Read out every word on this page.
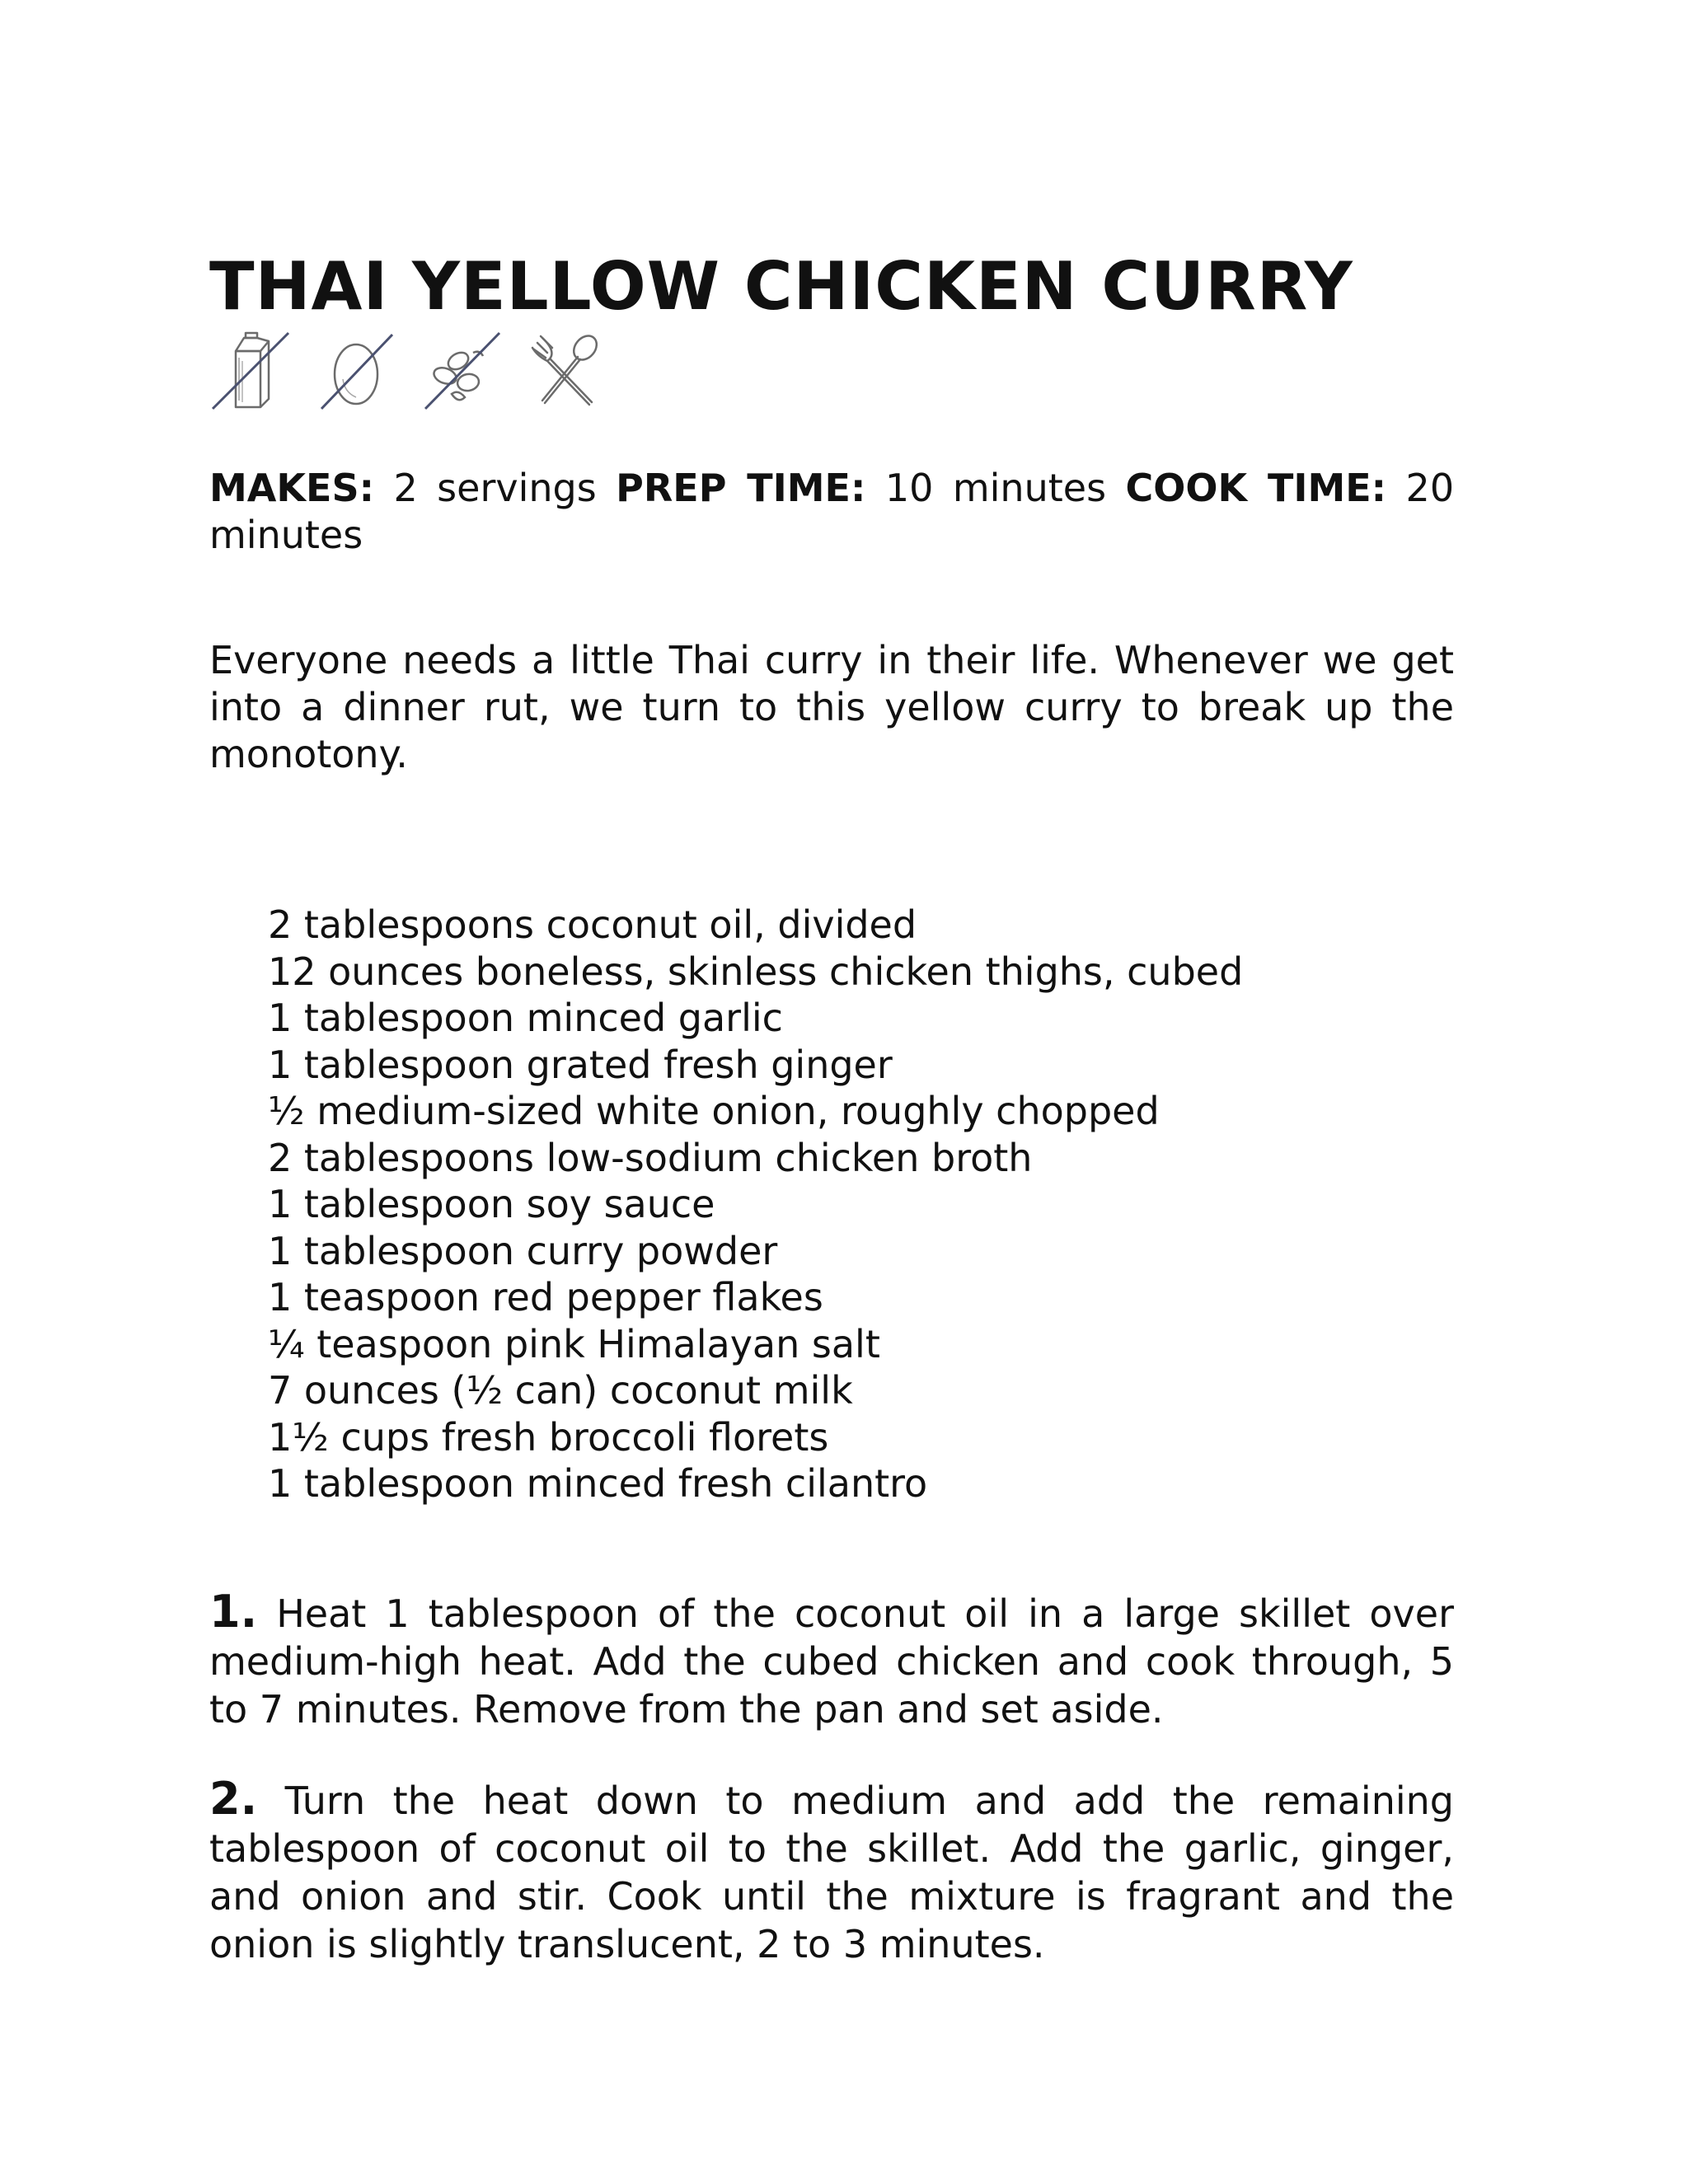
THAI YELLOW CHICKEN CURRY
MAKES: 2 servings PREP TIME: 10 minutes COOK TIME: 20 minutes

Everyone needs a little Thai curry in their life. Whenever we get into a dinner rut, we turn to this yellow curry to break up the monotony.

2 tablespoons coconut oil, divided
12 ounces boneless, skinless chicken thighs, cubed
1 tablespoon minced garlic
1 tablespoon grated fresh ginger
½ medium-sized white onion, roughly chopped
2 tablespoons low-sodium chicken broth
1 tablespoon soy sauce
1 tablespoon curry powder
1 teaspoon red pepper flakes
¼ teaspoon pink Himalayan salt
7 ounces (½ can) coconut milk
1½ cups fresh broccoli florets
1 tablespoon minced fresh cilantro

1. Heat 1 tablespoon of the coconut oil in a large skillet over medium-high heat. Add the cubed chicken and cook through, 5 to 7 minutes. Remove from the pan and set aside.

2. Turn the heat down to medium and add the remaining tablespoon of coconut oil to the skillet. Add the garlic, ginger, and onion and stir. Cook until the mixture is fragrant and the onion is slightly translucent, 2 to 3 minutes.
